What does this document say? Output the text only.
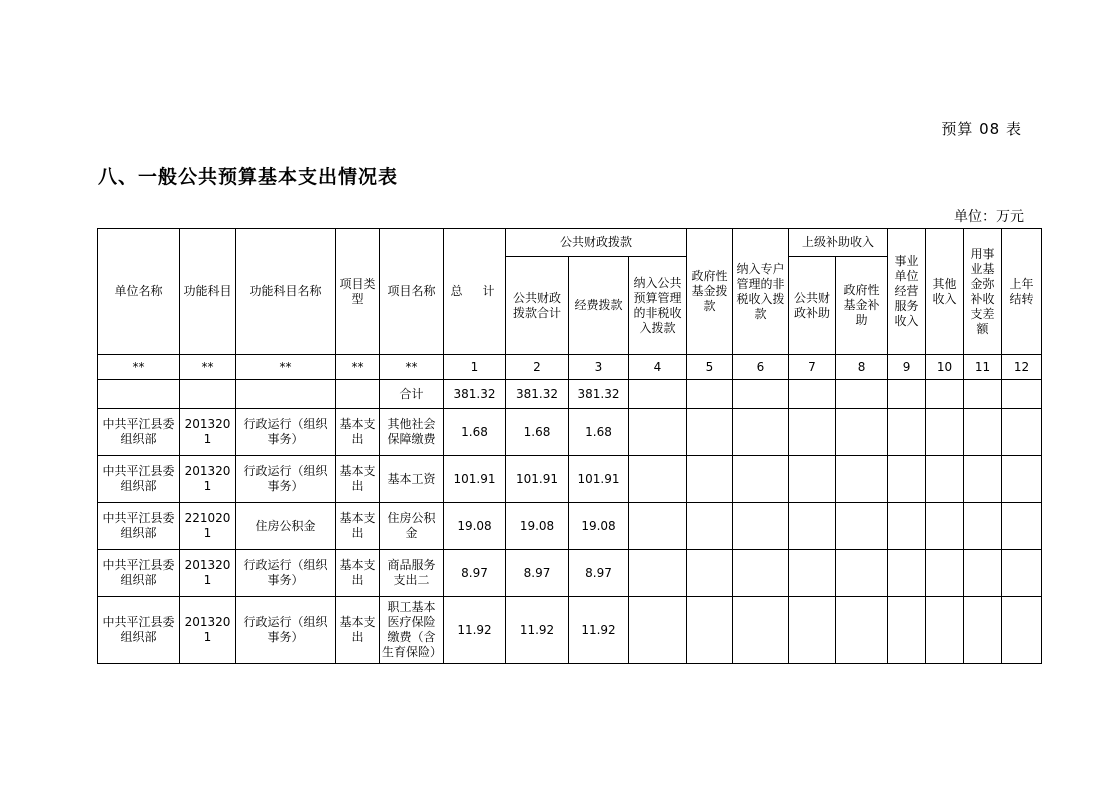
预算 08 表
八、一般公共预算基本支出情况表
单位：万元
单位名称	功能科目	功能科目名称	项目类型	项目名称	总　计	公共财政拨款			政府性基金拨款	纳入专户管理的非税收入拨款	上级补助收入		事业单位经营服务收入	其他收入	用事业基金弥补收支差额	上年结转
						公共财政拨款合计	经费拨款	纳入公共预算管理的非税收入拨款			公共财政补助	政府性基金补助				
**	**	**	**	**	1	2	3	4	5	6	7	8	9	10	11	12
				合计	381.32	381.32	381.32									
中共平江县委组织部	2013201	行政运行（组织事务）	基本支出	其他社会保障缴费	1.68	1.68	1.68									
中共平江县委组织部	2013201	行政运行（组织事务）	基本支出	基本工资	101.91	101.91	101.91									
中共平江县委组织部	2210201	住房公积金	基本支出	住房公积金	19.08	19.08	19.08									
中共平江县委组织部	2013201	行政运行（组织事务）	基本支出	商品服务支出二	8.97	8.97	8.97									
中共平江县委组织部	2013201	行政运行（组织事务）	基本支出	职工基本医疗保险缴费（含生育保险）	11.92	11.92	11.92									
